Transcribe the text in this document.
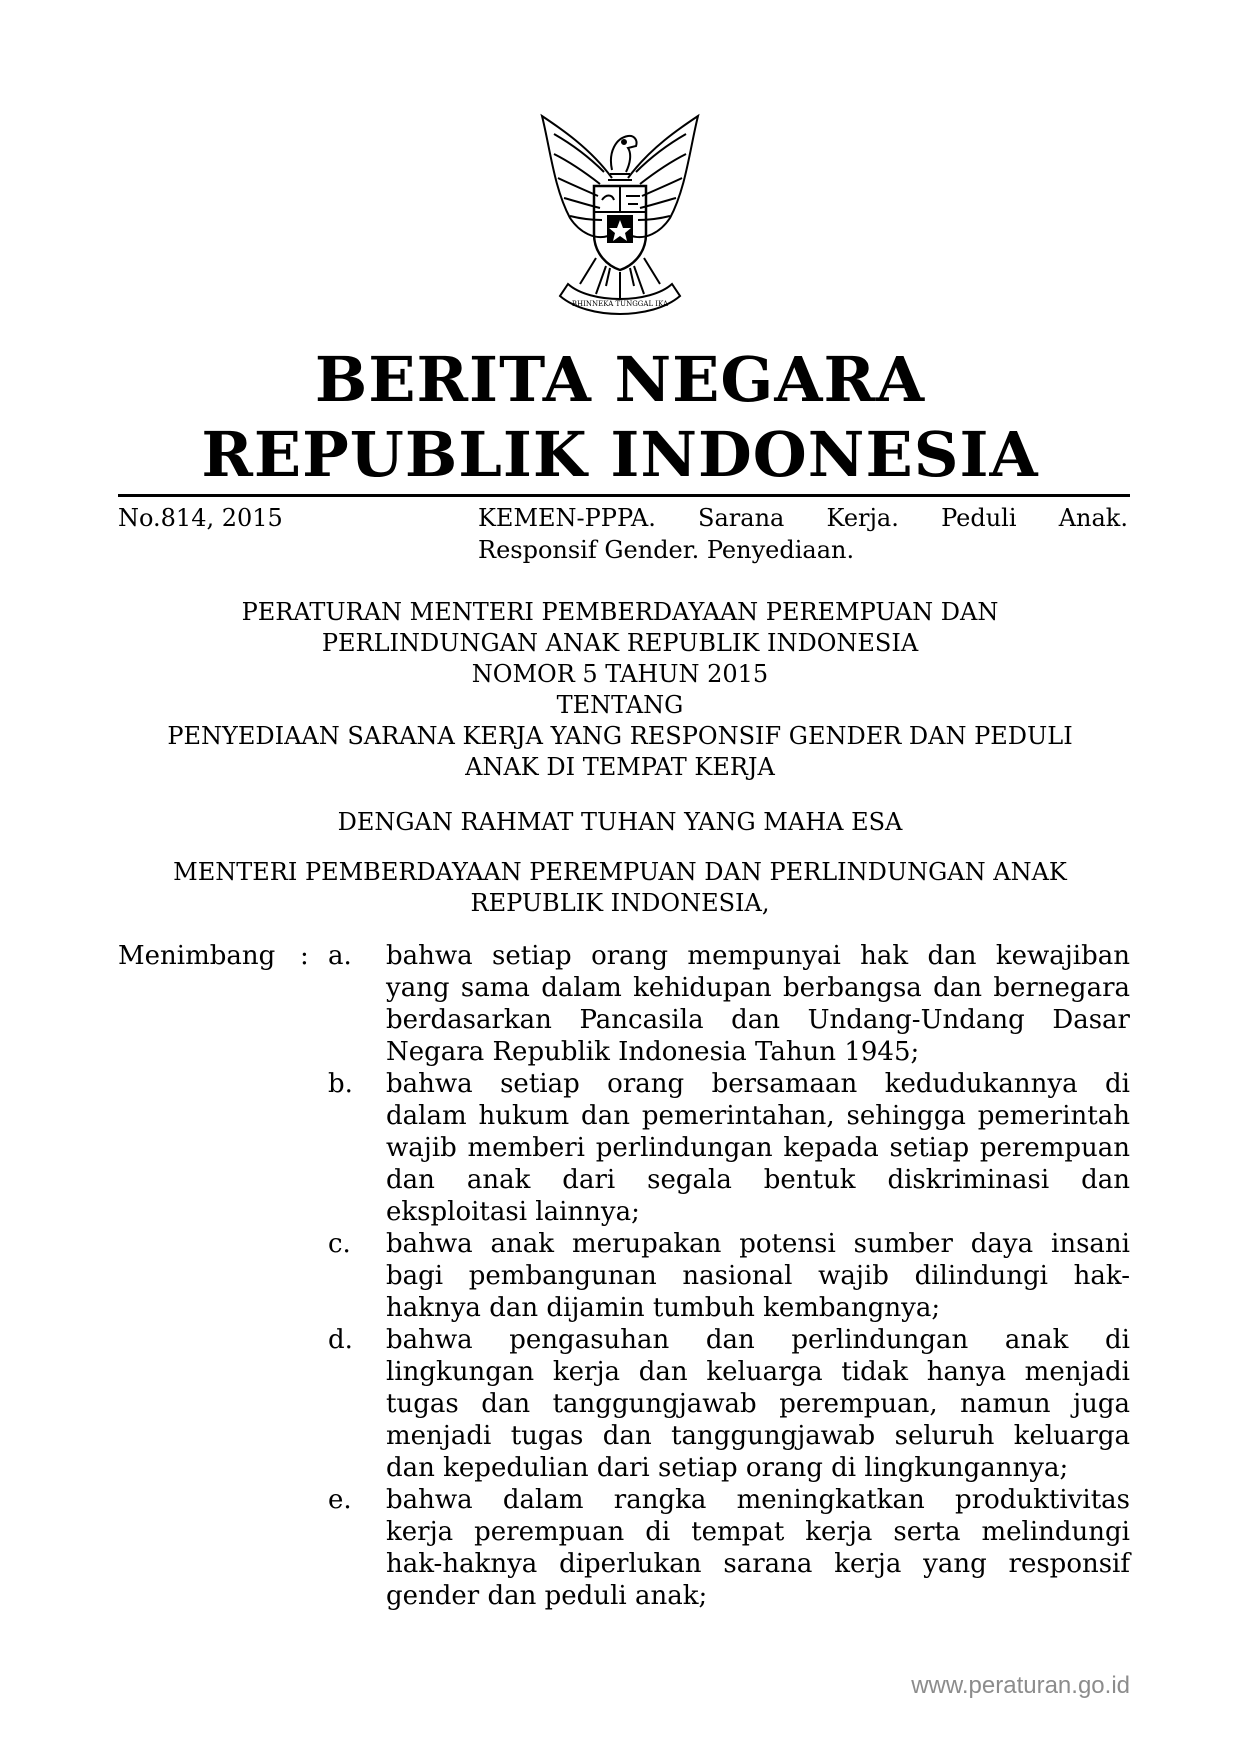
BHINNEKA TUNGGAL IKA
BERITA NEGARA
REPUBLIK INDONESIA
No.814, 2015	KEMEN-PPPA. Sarana Kerja. Peduli Anak.
Responsif Gender. Penyediaan.
PERATURAN MENTERI PEMBERDAYAAN PEREMPUAN DAN
PERLINDUNGAN ANAK REPUBLIK INDONESIA
NOMOR 5 TAHUN 2015
TENTANG
PENYEDIAAN SARANA KERJA YANG RESPONSIF GENDER DAN PEDULI
ANAK DI TEMPAT KERJA
DENGAN RAHMAT TUHAN YANG MAHA ESA
MENTERI PEMBERDAYAAN PEREMPUAN DAN PERLINDUNGAN ANAK
REPUBLIK INDONESIA,
Menimbang : a. bahwa setiap orang mempunyai hak dan kewajiban
yang sama dalam kehidupan berbangsa dan bernegara
berdasarkan Pancasila dan Undang-Undang Dasar
Negara Republik Indonesia Tahun 1945;
b. bahwa setiap orang bersamaan kedudukannya di
dalam hukum dan pemerintahan, sehingga pemerintah
wajib memberi perlindungan kepada setiap perempuan
dan anak dari segala bentuk diskriminasi dan
eksploitasi lainnya;
c. bahwa anak merupakan potensi sumber daya insani
bagi pembangunan nasional wajib dilindungi hak-
haknya dan dijamin tumbuh kembangnya;
d. bahwa pengasuhan dan perlindungan anak di
lingkungan kerja dan keluarga tidak hanya menjadi
tugas dan tanggungjawab perempuan, namun juga
menjadi tugas dan tanggungjawab seluruh keluarga
dan kepedulian dari setiap orang di lingkungannya;
e. bahwa dalam rangka meningkatkan produktivitas
kerja perempuan di tempat kerja serta melindungi
hak-haknya diperlukan sarana kerja yang responsif
gender dan peduli anak;
www.peraturan.go.id
